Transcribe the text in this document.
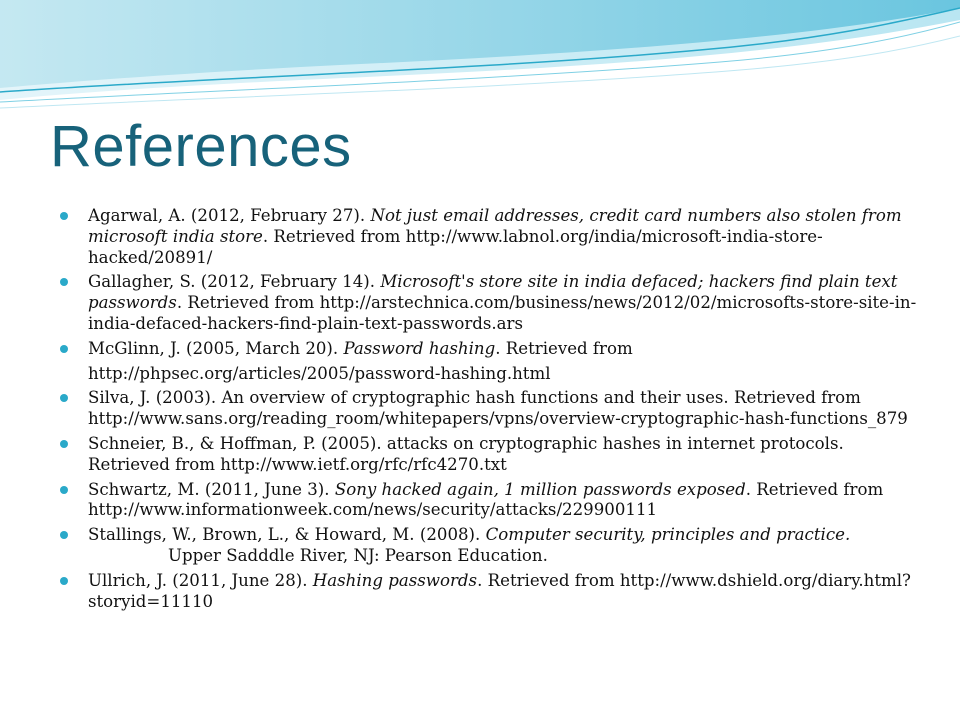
References
Agarwal, A. (2012, February 27). Not just email addresses, credit card numbers also stolen from microsoft india store. Retrieved from http://www.labnol.org/india/microsoft-india-store-hacked/20891/
Gallagher, S. (2012, February 14). Microsoft's store site in india defaced; hackers find plain text passwords. Retrieved from http://arstechnica.com/business/news/2012/02/microsofts-store-site-in-india-defaced-hackers-find-plain-text-passwords.ars
McGlinn, J. (2005, March 20). Password hashing. Retrieved from
http://phpsec.org/articles/2005/password-hashing.html
Silva, J. (2003). An overview of cryptographic hash functions and their uses. Retrieved from http://www.sans.org/reading_room/whitepapers/vpns/overview-cryptographic-hash-functions_879
Schneier, B., & Hoffman, P. (2005). attacks on cryptographic hashes in internet protocols. Retrieved from http://www.ietf.org/rfc/rfc4270.txt
Schwartz, M. (2011, June 3). Sony hacked again, 1 million passwords exposed. Retrieved from http://www.informationweek.com/news/security/attacks/229900111
Stallings, W., Brown, L., & Howard, M. (2008). Computer security, principles and practice.Upper Sadddle River, NJ: Pearson Education.
Ullrich, J. (2011, June 28). Hashing passwords. Retrieved from http://www.dshield.org/diary.html?storyid=11110
